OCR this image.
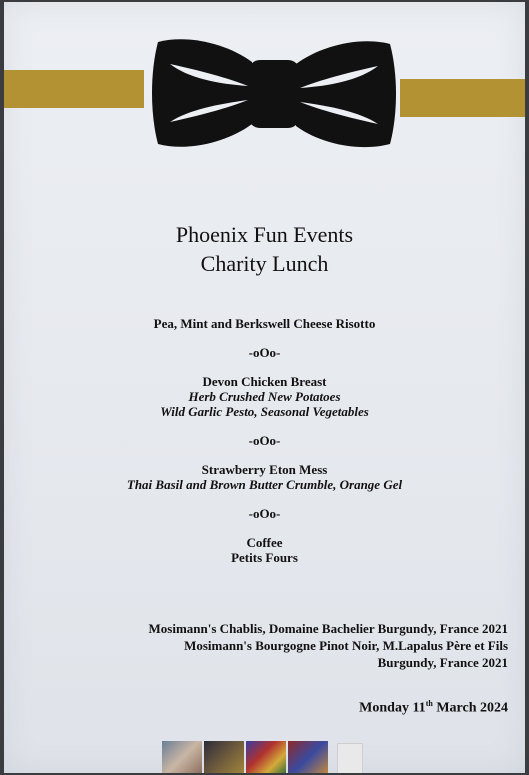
Phoenix Fun Events
Charity Lunch
Pea, Mint and Berkswell Cheese Risotto
-oOo-
Devon Chicken Breast
Herb Crushed New Potatoes
Wild Garlic Pesto, Seasonal Vegetables
-oOo-
Strawberry Eton Mess
Thai Basil and Brown Butter Crumble, Orange Gel
-oOo-
Coffee
Petits Fours
Mosimann's Chablis, Domaine Bachelier Burgundy, France 2021
Mosimann's Bourgogne Pinot Noir, M.Lapalus Père et Fils
Burgundy, France 2021
Monday 11th March 2024
